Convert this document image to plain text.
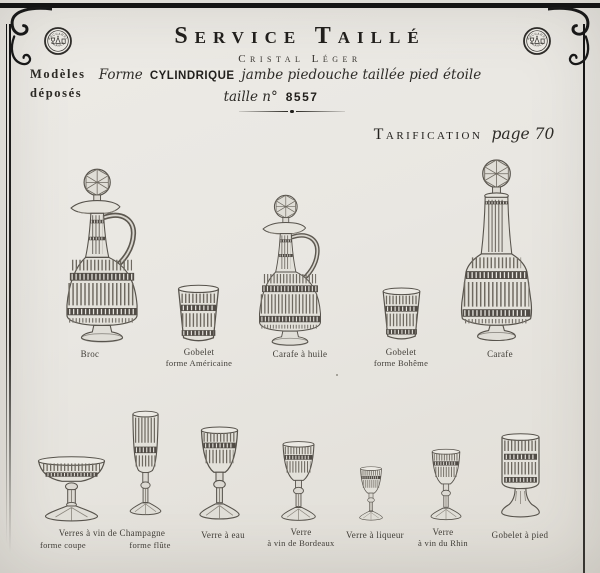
Modèles
déposés
Service Taillé
Cristal Léger
Forme CYLINDRIQUE jambe piedouche taillée pied étoile
taille n° 8557
Tarification page 70
Broc	Gobelet
forme Américaine
Carafe à huile	Gobelet
forme Bohême
Carafe
Verres à vin de Champagne
forme coupe	forme flûte
Verre à eau	Verre
à vin de Bordeaux
Verre à liqueur	Verre
à vin du Rhin
Gobelet à pied
